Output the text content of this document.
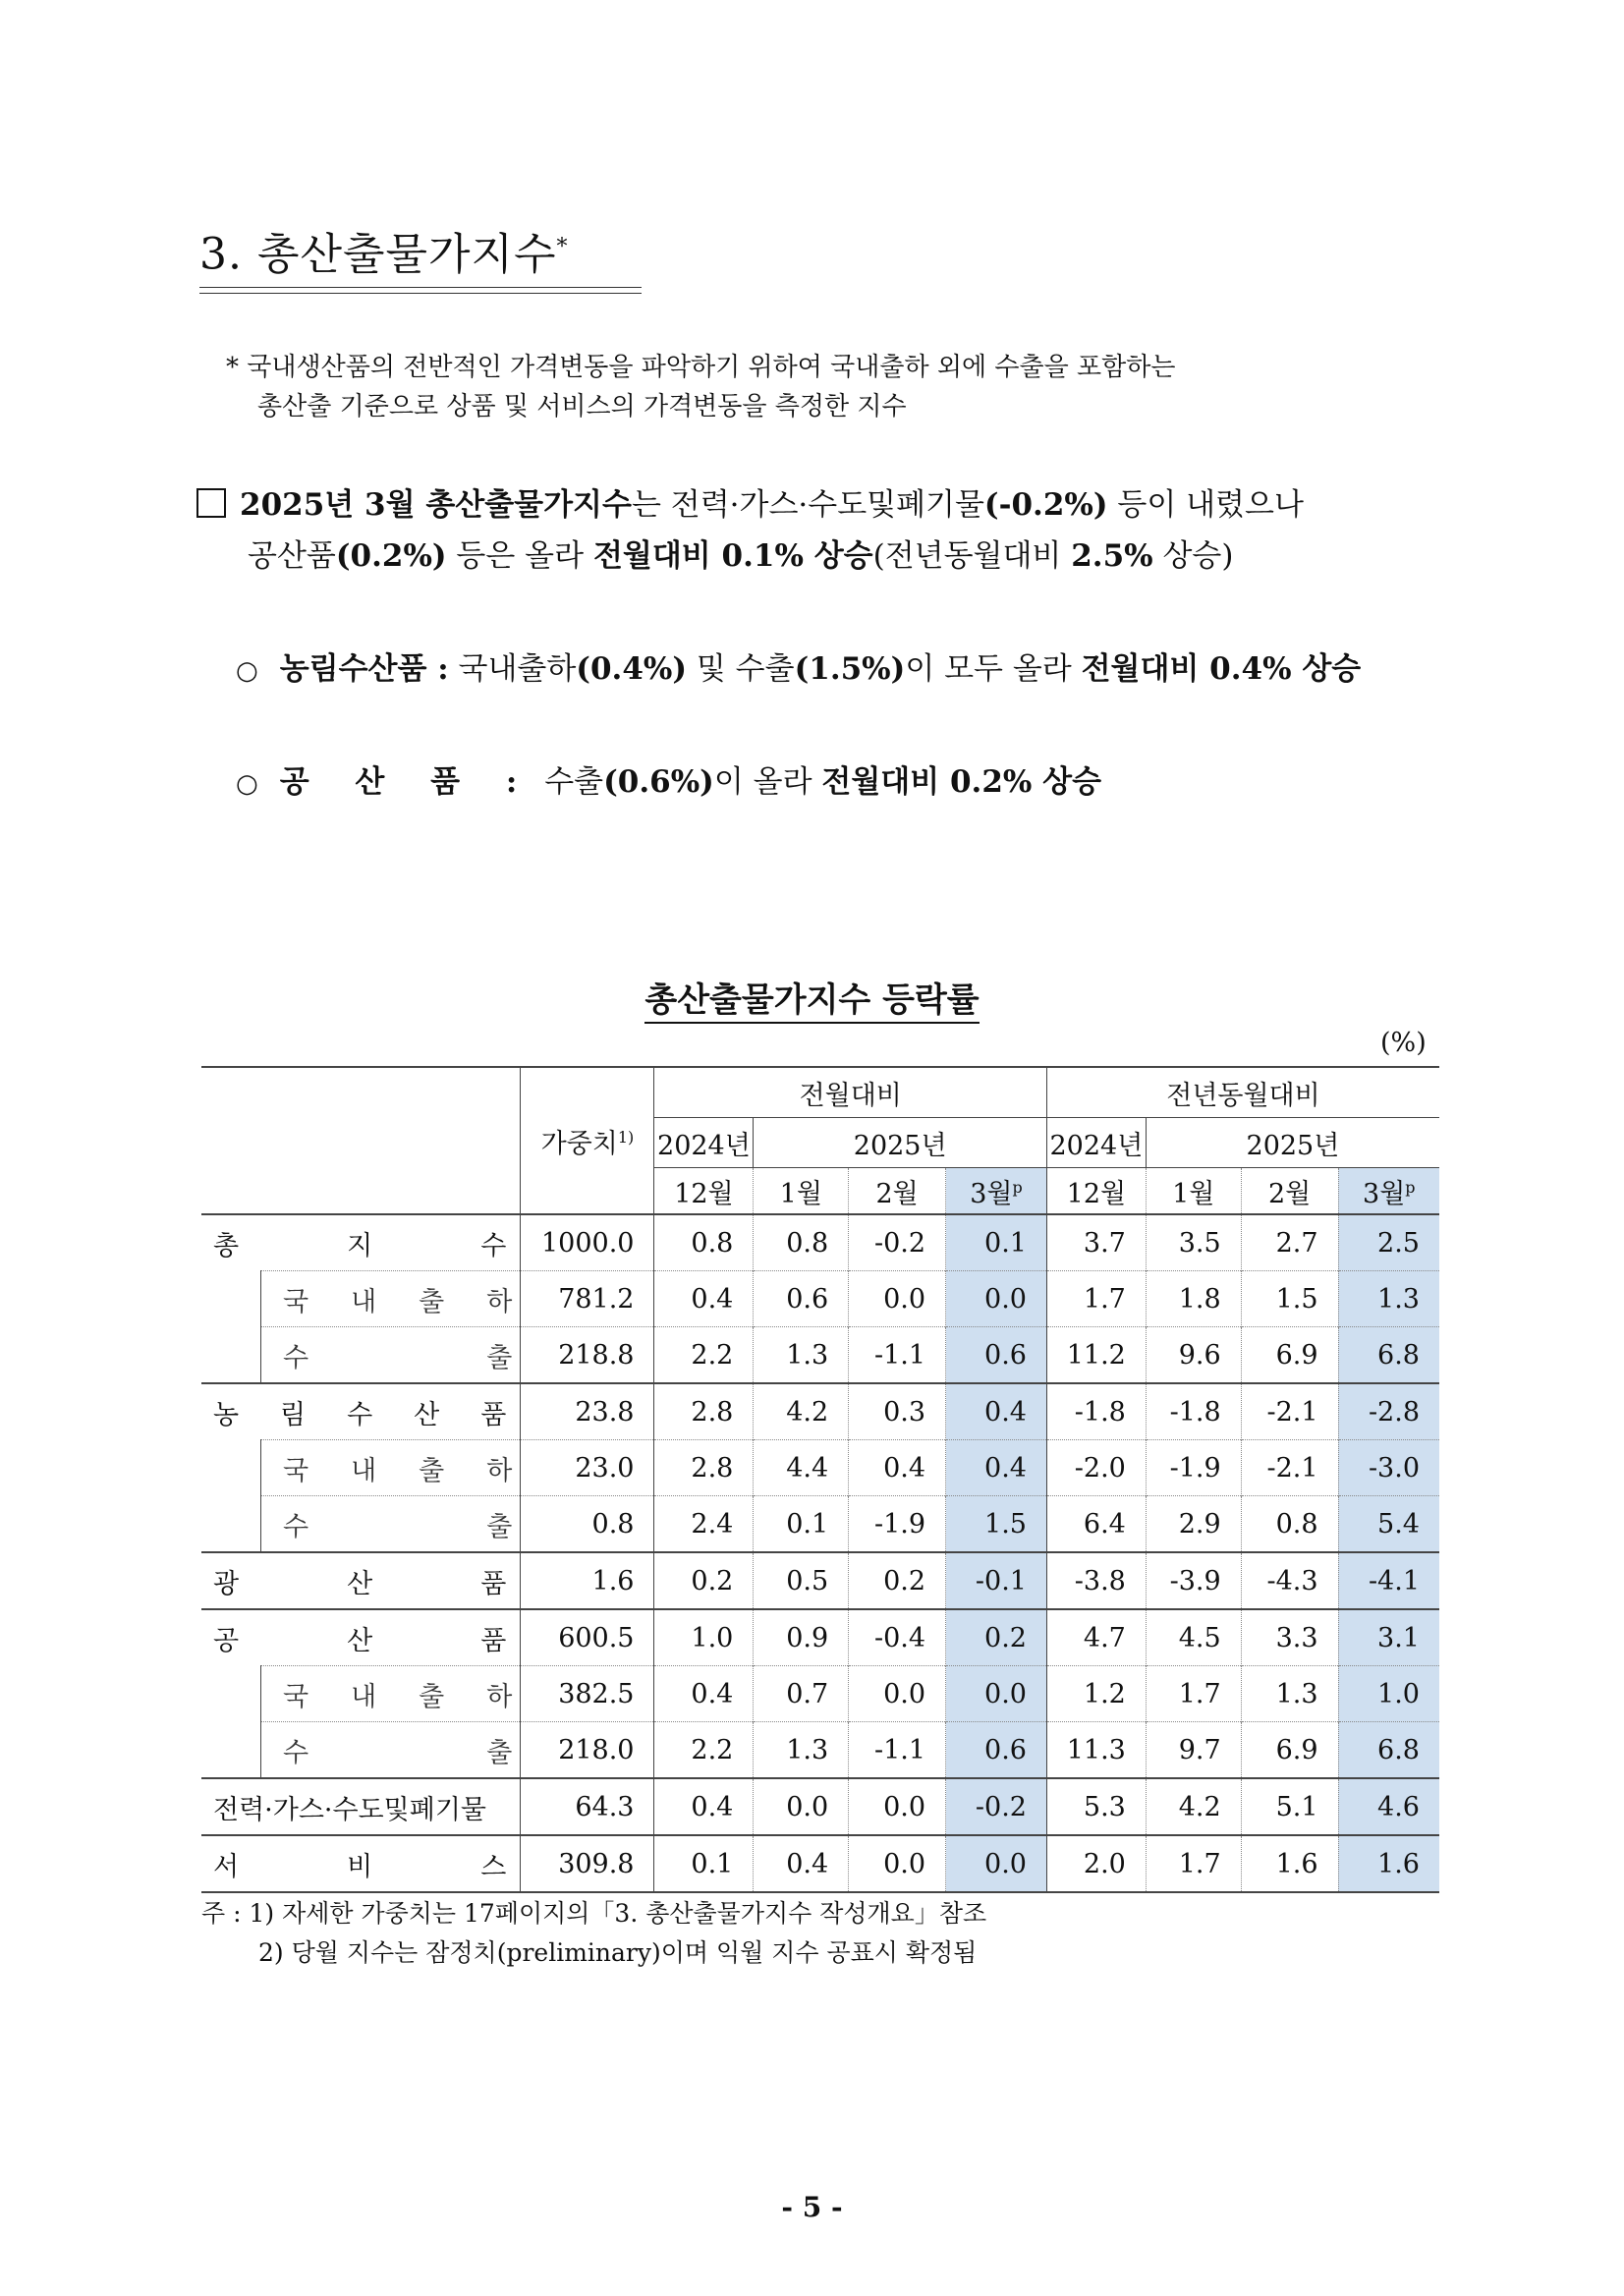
3. 총산출물가지수*
* 국내생산품의 전반적인 가격변동을 파악하기 위하여 국내출하 외에 수출을 포함하는
총산출 기준으로 상품 및 서비스의 가격변동을 측정한 지수
2025년 3월 총산출물가지수는 전력·가스·수도및폐기물(-0.2%) 등이 내렸으나
공산품(0.2%) 등은 올라 전월대비 0.1% 상승(전년동월대비 2.5% 상승)
○ 농림수산품 : 국내출하(0.4%) 및 수출(1.5%)이 모두 올라 전월대비 0.4% 상승
○ 공 산 품 : 수출(0.6%)이 올라 전월대비 0.2% 상승
총산출물가지수 등락률
(%)
		가중치$^{1)}$	전월대비				전년동월대비			
			2024년	2025년			2024년	2025년		
			12월	1월	2월	3월$^p$	12월	1월	2월	3월$^p$

총 지 수		1000.0	0.8	0.8	-0.2	0.1	3.7	3.5	2.7	2.5

	국 내 출 하	781.2	0.4	0.6	0.0	0.0	1.7	1.8	1.5	1.3

	수 출	218.8	2.2	1.3	-1.1	0.6	11.2	9.6	6.9	6.8

농 림 수 산 품		23.8	2.8	4.2	0.3	0.4	-1.8	-1.8	-2.1	-2.8

	국 내 출 하	23.0	2.8	4.4	0.4	0.4	-2.0	-1.9	-2.1	-3.0

	수 출	0.8	2.4	0.1	-1.9	1.5	6.4	2.9	0.8	5.4

광 산 품		1.6	0.2	0.5	0.2	-0.1	-3.8	-3.9	-4.3	-4.1

공 산 품		600.5	1.0	0.9	-0.4	0.2	4.7	4.5	3.3	3.1

	국 내 출 하	382.5	0.4	0.7	0.0	0.0	1.2	1.7	1.3	1.0

	수 출	218.0	2.2	1.3	-1.1	0.6	11.3	9.7	6.9	6.8

전력·가스·수도및폐기물		64.3	0.4	0.0	0.0	-0.2	5.3	4.2	5.1	4.6

서 비 스		309.8	0.1	0.4	0.0	0.0	2.0	1.7	1.6	1.6
주 : 1) 자세한 가중치는 17페이지의「3. 총산출물가지수 작성개요」참조
2) 당월 지수는 잠정치(preliminary)이며 익월 지수 공표시 확정됨
- 5 -
